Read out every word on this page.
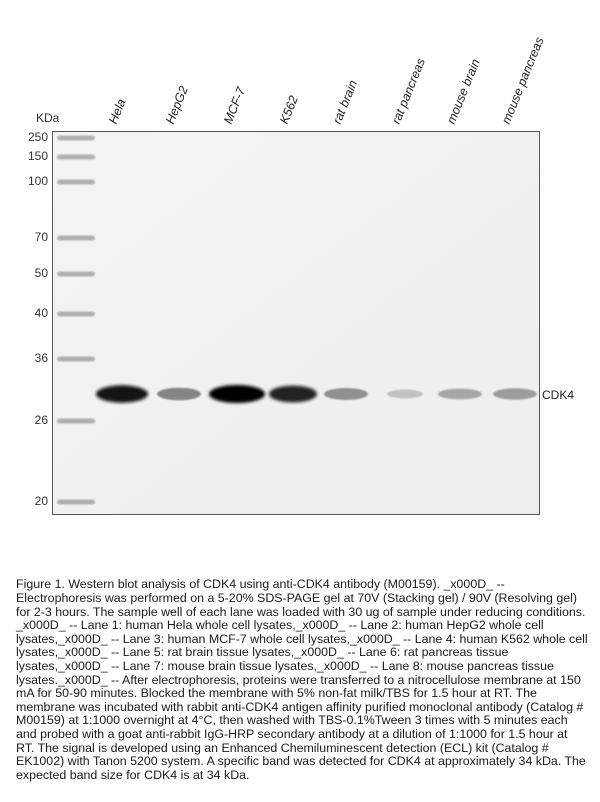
KDa	Hela	HepG2 MCF-7 K562 rat brain rat pancreas mouse brain mouse pancreas
250
150
100
70
50
40
36
26
20
CDK4

Figure 1. Western blot analysis of CDK4 using anti-CDK4 antibody (M00159). _x000D_ -- Electrophoresis was performed on a 5-20% SDS-PAGE gel at 70V (Stacking gel) / 90V (Resolving gel) for 2-3 hours. The sample well of each lane was loaded with 30 ug of sample under reducing conditions. _x000D_ -- Lane 1: human Hela whole cell lysates,_x000D_ -- Lane 2: human HepG2 whole cell lysates,_x000D_ -- Lane 3: human MCF-7 whole cell lysates,_x000D_ -- Lane 4: human K562 whole cell lysates,_x000D_ -- Lane 5: rat brain tissue lysates,_x000D_ -- Lane 6: rat pancreas tissue lysates,_x000D_ -- Lane 7: mouse brain tissue lysates,_x000D_ -- Lane 8: mouse pancreas tissue lysates._x000D_ -- After electrophoresis, proteins were transferred to a nitrocellulose membrane at 150 mA for 50-90 minutes. Blocked the membrane with 5% non-fat milk/TBS for 1.5 hour at RT. The membrane was incubated with rabbit anti-CDK4 antigen affinity purified monoclonal antibody (Catalog # M00159) at 1:1000 overnight at 4°C, then washed with TBS-0.1%Tween 3 times with 5 minutes each and probed with a goat anti-rabbit IgG-HRP secondary antibody at a dilution of 1:1000 for 1.5 hour at RT. The signal is developed using an Enhanced Chemiluminescent detection (ECL) kit (Catalog # EK1002) with Tanon 5200 system. A specific band was detected for CDK4 at approximately 34 kDa. The expected band size for CDK4 is at 34 kDa.
